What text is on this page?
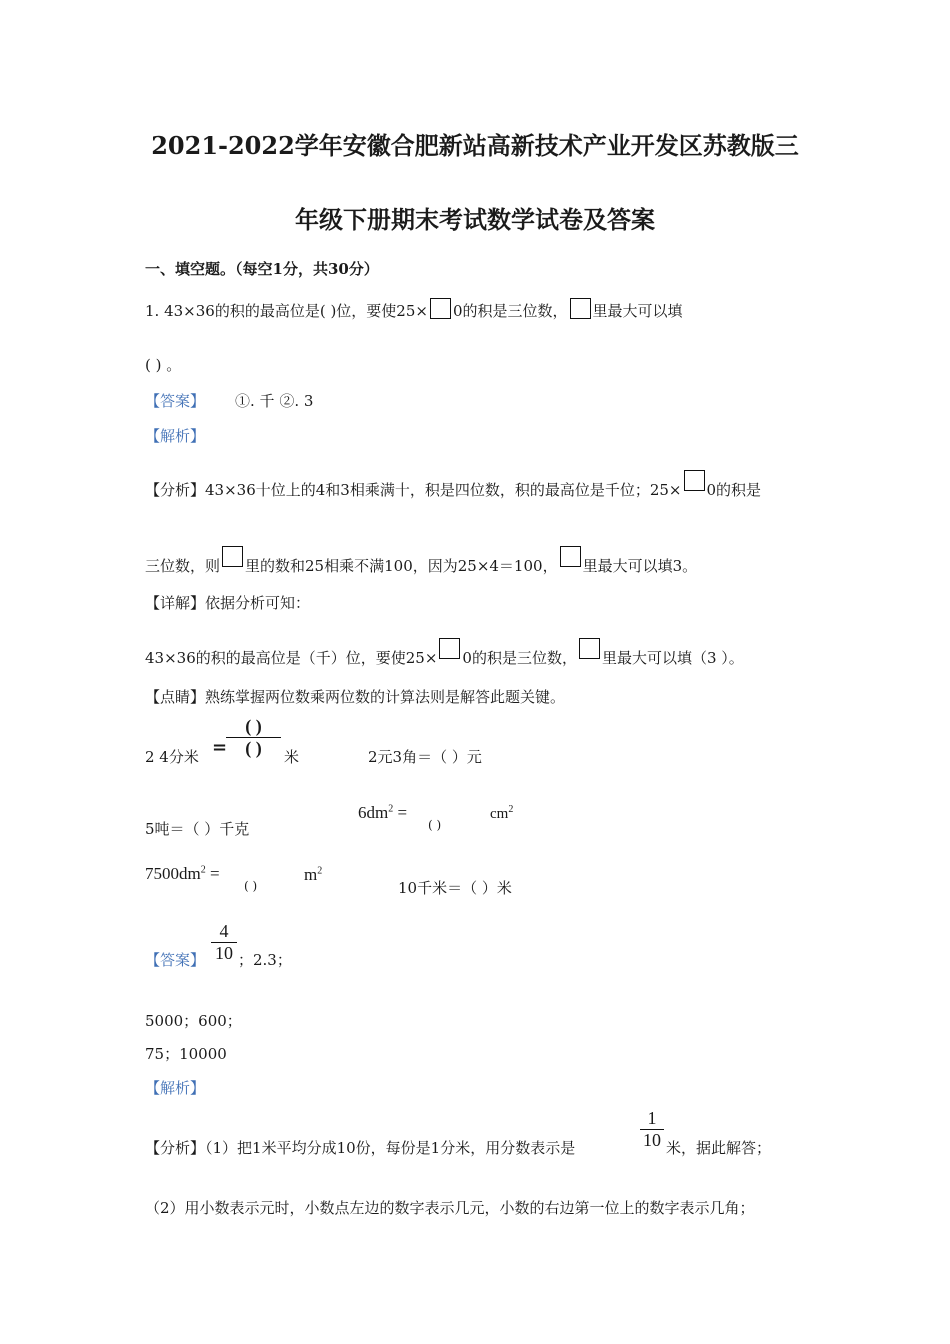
2021-2022学年安徽合肥新站高新技术产业开发区苏教版三
年级下册期末考试数学试卷及答案
一、填空题。（每空1分，共30分）
1. 43×36的积的最高位是( )位，要使25× 0的积是三位数， 里最大可以填
( ) 。
【答案】 ①. 千 ②. 3
【解析】
【分析】43×36十位上的4和3相乘满十，积是四位数，积的最高位是千位；25× 0的积是
三位数，则 里的数和25相乘不满100，因为25×4＝100， 里最大可以填3。
【详解】依据分析可知：
43×36的积的最高位是（千）位，要使25× 0的积是三位数， 里最大可以填（3 ）。
【点睛】熟练掌握两位数乘两位数的计算法则是解答此题关键。
2 4分米 =
( )
( )	米	2元3角＝（ ）元
5吨＝（ ）千克
$6dm^2$ =
( )
$cm^2$
$7500dm^2$ =
( )
$m^2$
10千米＝（ ）米
【答案】
4
10 ；2.3；
5000；600；
75；10000
【解析】
【分析】（1）把1米平均分成10份，每份是1分米，用分数表示是
1
10 米，据此解答；
（2）用小数表示元时，小数点左边的数字表示几元，小数的右边第一位上的数字表示几角；
